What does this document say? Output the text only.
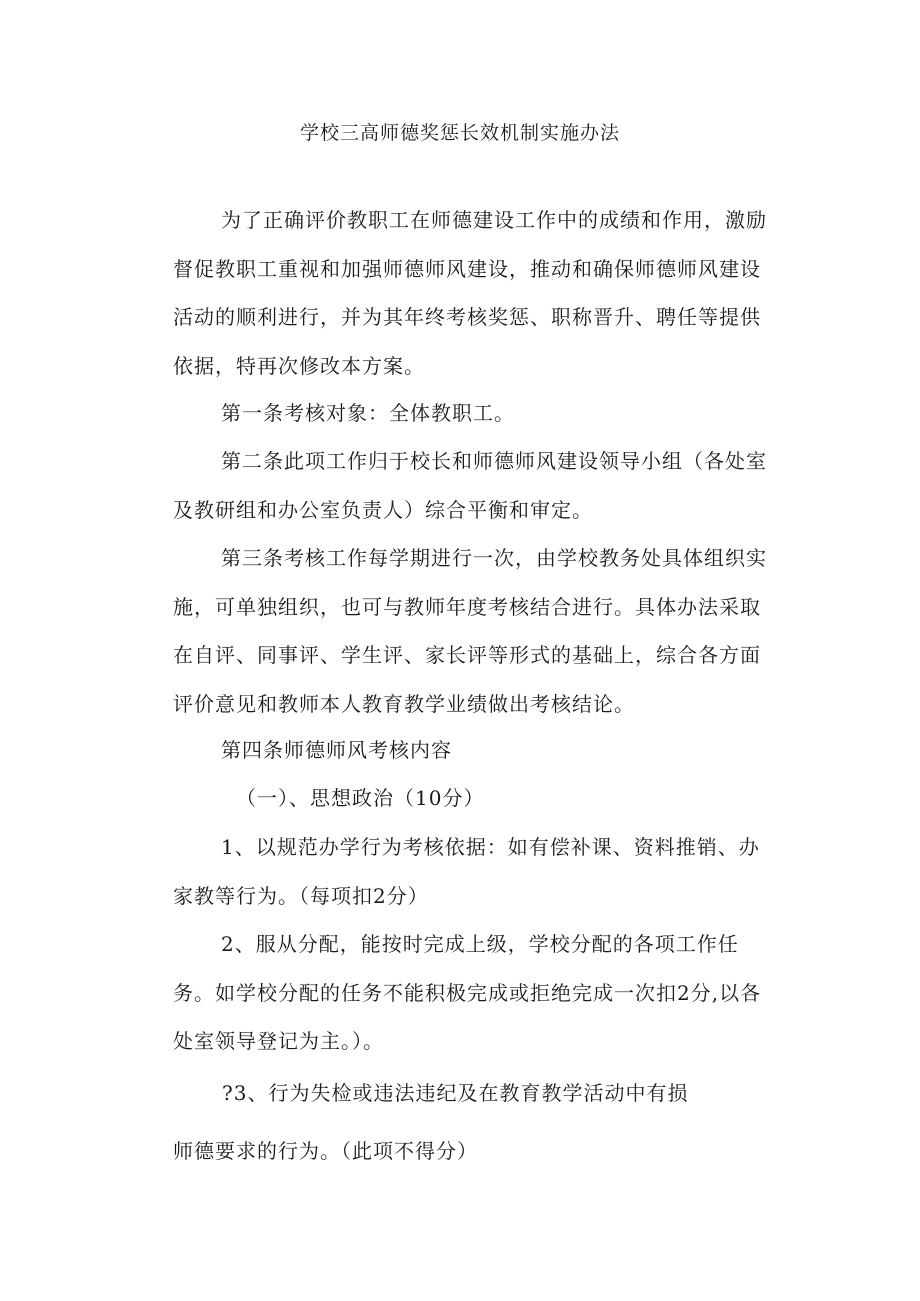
学校三高师德奖惩长效机制实施办法
为了正确评价教职工在师德建设工作中的成绩和作用，激励督促教职工重视和加强师德师风建设，推动和确保师德师风建设活动的顺利进行，并为其年终考核奖惩、职称晋升、聘任等提供依据，特再次修改本方案。
第一条考核对象：全体教职工。
第二条此项工作归于校长和师德师风建设领导小组（各处室及教研组和办公室负责人）综合平衡和审定。
第三条考核工作每学期进行一次，由学校教务处具体组织实施，可单独组织，也可与教师年度考核结合进行。具体办法采取在自评、同事评、学生评、家长评等形式的基础上，综合各方面评价意见和教师本人教育教学业绩做出考核结论。
第四条师德师风考核内容
（一）、思想政治（10分）
1、以规范办学行为考核依据：如有偿补课、资料推销、办家教等行为。（每项扣2分）
2、服从分配，能按时完成上级，学校分配的各项工作任务。如学校分配的任务不能积极完成或拒绝完成一次扣2分,以各处室领导登记为主。）。
?3、行为失检或违法违纪及在教育教学活动中有损
师德要求的行为。（此项不得分）
